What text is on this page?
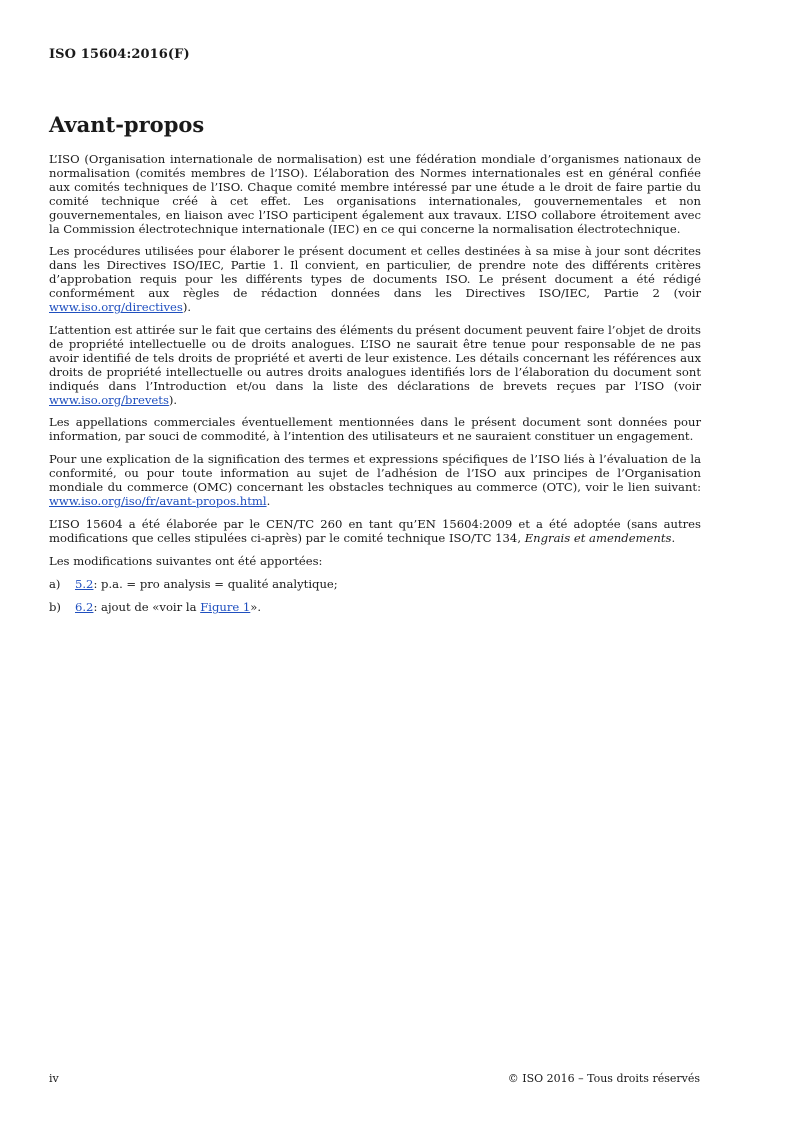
ISO 15604:2016(F)
Avant-propos

L’ISO (Organisation internationale de normalisation) est une fédération mondiale d’organismes nationaux de normalisation (comités membres de l’ISO). L’élaboration des Normes internationales est en général confiée aux comités techniques de l’ISO. Chaque comité membre intéressé par une étude a le droit de faire partie du comité technique créé à cet effet. Les organisations internationales, gouvernementales et non gouvernementales, en liaison avec l’ISO participent également aux travaux. L’ISO collabore étroitement avec la Commission électrotechnique internationale (IEC) en ce qui concerne la normalisation électrotechnique.

Les procédures utilisées pour élaborer le présent document et celles destinées à sa mise à jour sont décrites dans les Directives ISO/IEC, Partie 1. Il convient, en particulier, de prendre note des différents critères d’approbation requis pour les différents types de documents ISO. Le présent document a été rédigé conformément aux règles de rédaction données dans les Directives ISO/IEC, Partie 2 (voir www.iso.org/directives).

L’attention est attirée sur le fait que certains des éléments du présent document peuvent faire l’objet de droits de propriété intellectuelle ou de droits analogues. L’ISO ne saurait être tenue pour responsable de ne pas avoir identifié de tels droits de propriété et averti de leur existence. Les détails concernant les références aux droits de propriété intellectuelle ou autres droits analogues identifiés lors de l’élaboration du document sont indiqués dans l’Introduction et/ou dans la liste des déclarations de brevets reçues par l’ISO (voir www.iso.org/brevets).

Les appellations commerciales éventuellement mentionnées dans le présent document sont données pour information, par souci de commodité, à l’intention des utilisateurs et ne sauraient constituer un engagement.

Pour une explication de la signification des termes et expressions spécifiques de l’ISO liés à l’évaluation de la conformité, ou pour toute information au sujet de l’adhésion de l’ISO aux principes de l’Organisation mondiale du commerce (OMC) concernant les obstacles techniques au commerce (OTC), voir le lien suivant: www.iso.org/iso/fr/avant-propos.html.

L’ISO 15604 a été élaborée par le CEN/TC 260 en tant qu’EN 15604:2009 et a été adoptée (sans autres modifications que celles stipulées ci-après) par le comité technique ISO/TC 134, Engrais et amendements.

Les modifications suivantes ont été apportées:

a)	5.2: p.a. = pro analysis = qualité analytique;
b)	6.2: ajout de «voir la Figure 1».
iv	© ISO 2016 – Tous droits réservés
